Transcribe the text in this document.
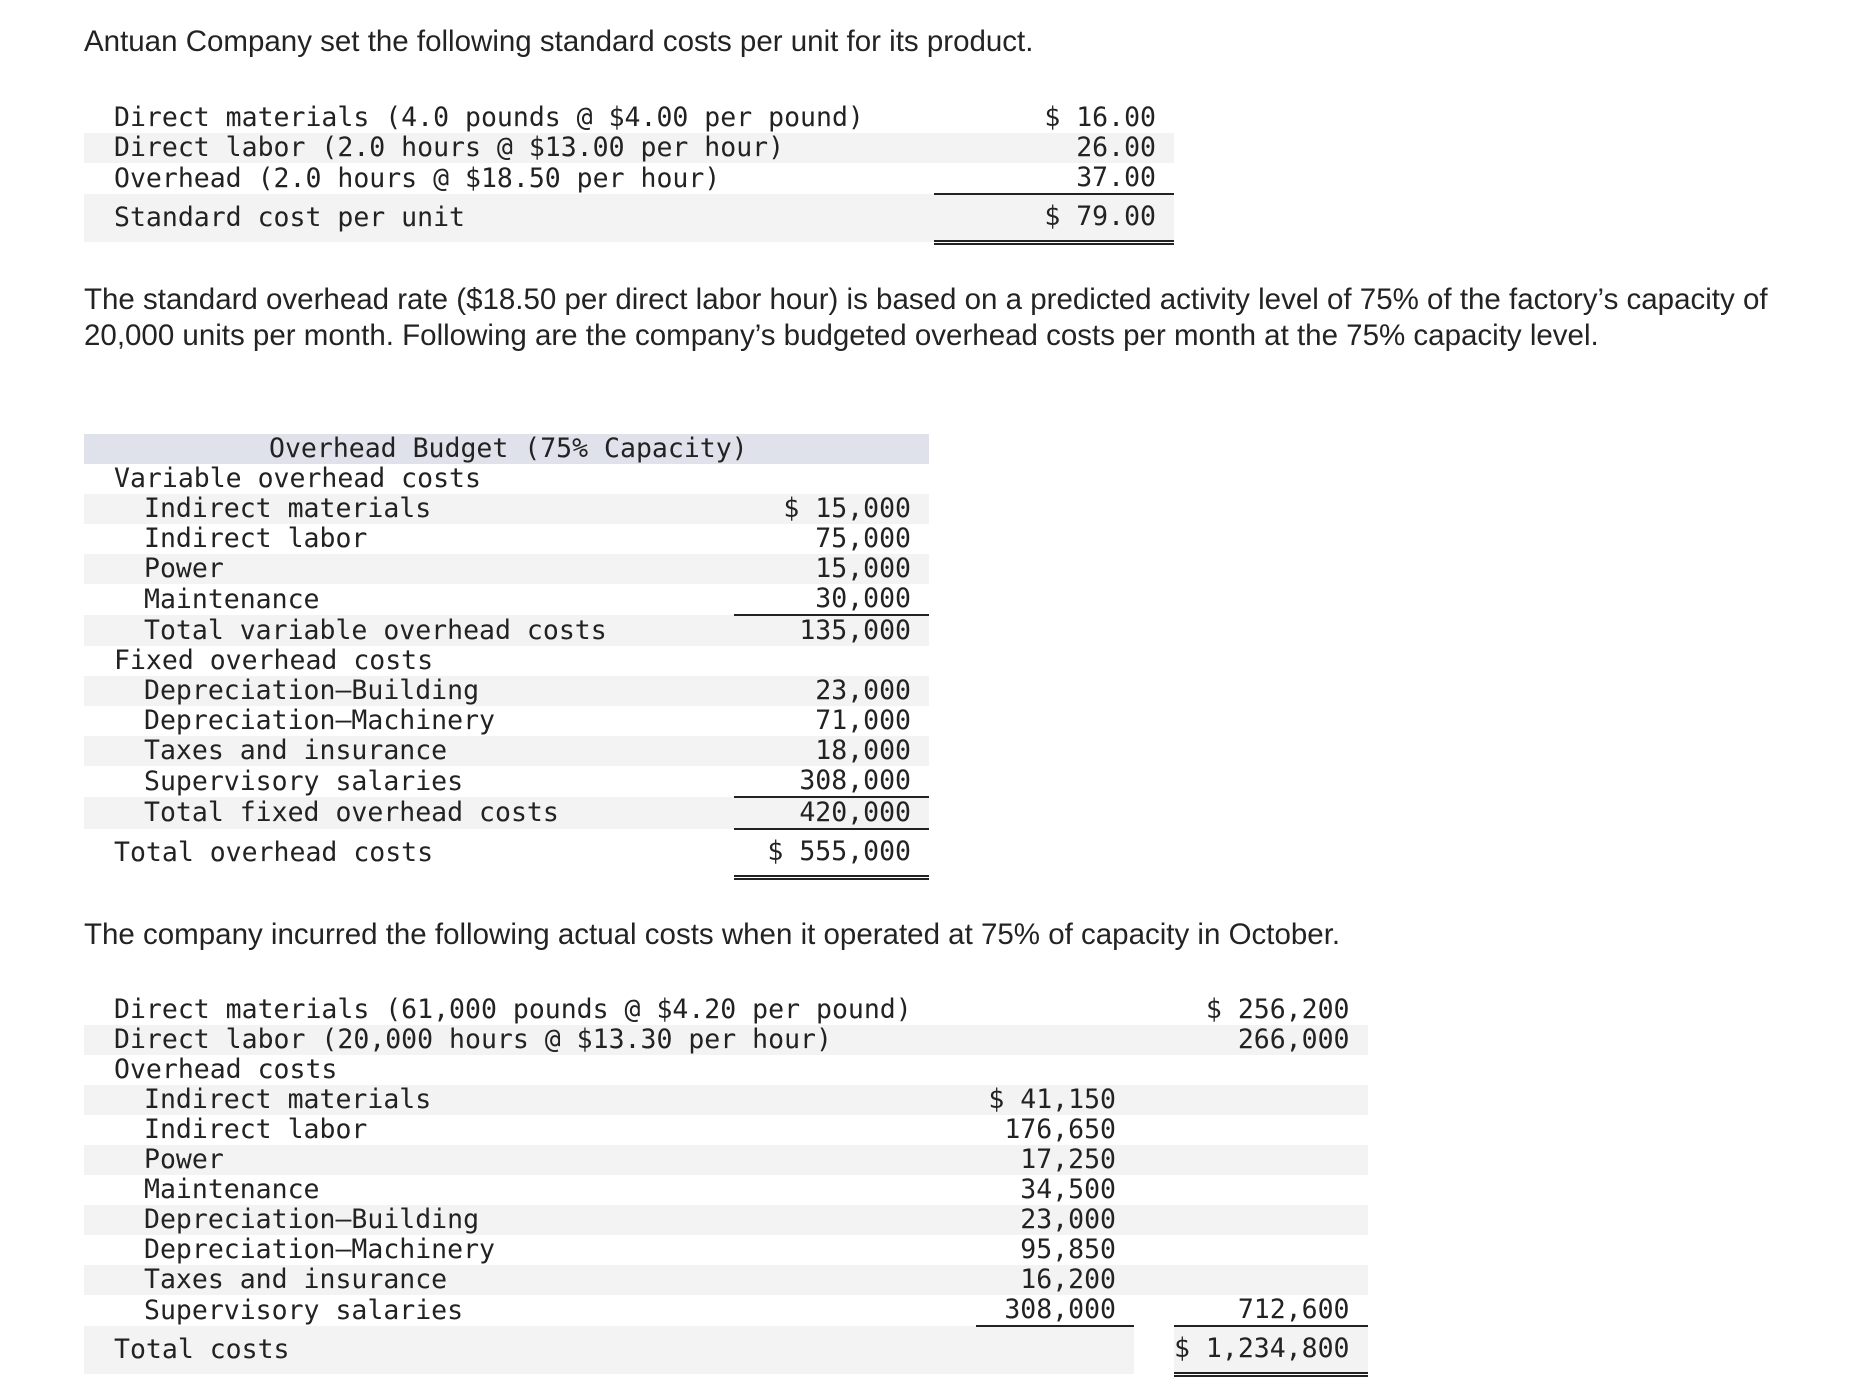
Antuan Company set the following standard costs per unit for its product.

Direct materials (4.0 pounds @ $4.00 per pound)	$ 16.00
Direct labor (2.0 hours @ $13.00 per hour)	26.00
Overhead (2.0 hours @ $18.50 per hour)	37.00
Standard cost per unit	$ 79.00

The standard overhead rate ($18.50 per direct labor hour) is based on a predicted activity level of 75% of the factory’s capacity of 20,000 units per month. Following are the company’s budgeted overhead costs per month at the 75% capacity level.

Overhead Budget (75% Capacity)	
Variable overhead costs	
Indirect materials	$ 15,000
Indirect labor	75,000
Power	15,000
Maintenance	30,000
Total variable overhead costs	135,000
Fixed overhead costs	
Depreciation—Building	23,000
Depreciation—Machinery	71,000
Taxes and insurance	18,000
Supervisory salaries	308,000
Total fixed overhead costs	420,000
Total overhead costs	$ 555,000

The company incurred the following actual costs when it operated at 75% of capacity in October.

Direct materials (61,000 pounds @ $4.20 per pound)			$ 256,200
Direct labor (20,000 hours @ $13.30 per hour)			266,000
Overhead costs			
Indirect materials	$ 41,150		
Indirect labor	176,650		
Power	17,250		
Maintenance	34,500		
Depreciation—Building	23,000		
Depreciation—Machinery	95,850		
Taxes and insurance	16,200		
Supervisory salaries	308,000		712,600
Total costs			$ 1,234,800
